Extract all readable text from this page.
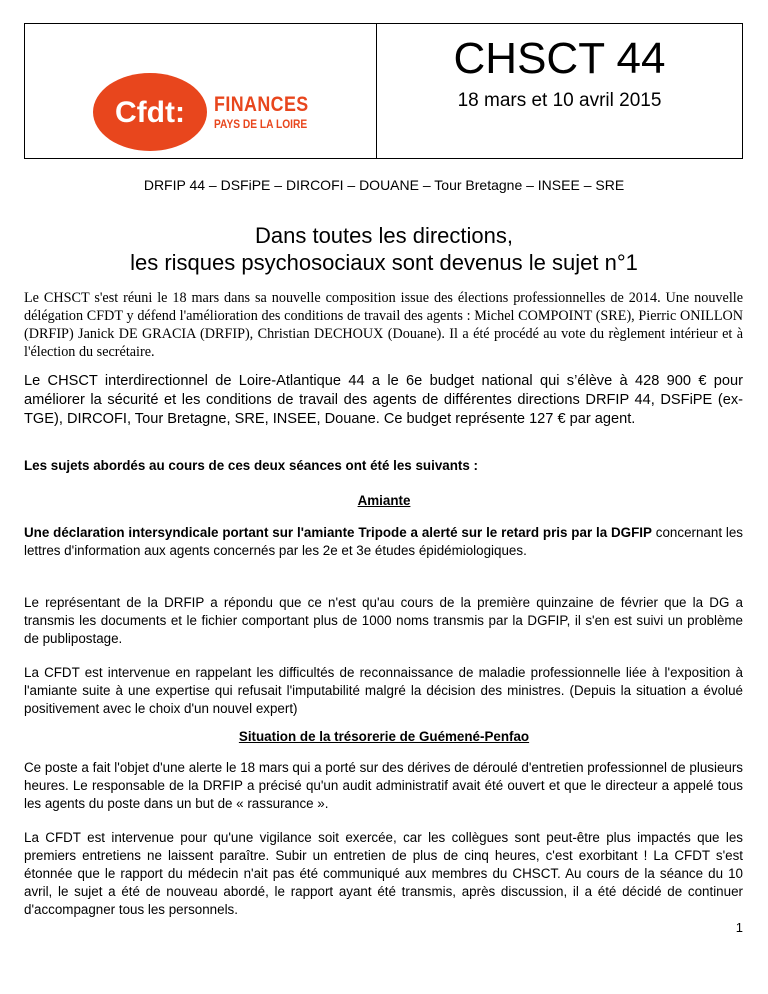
Cfdt: FINANCES
PAYS DE LA LOIRE
CHSCT 44
18 mars et 10 avril 2015
DRFIP 44 – DSFiPE – DIRCOFI – DOUANE – Tour Bretagne – INSEE – SRE
Dans toutes les directions,
les risques psychosociaux sont devenus le sujet n°1
Le CHSCT s'est réuni le 18 mars dans sa nouvelle composition issue des élections professionnelles de 2014. Une nouvelle délégation CFDT y défend l'amélioration des conditions de travail des agents : Michel COMPOINT (SRE), Pierric ONILLON (DRFIP) Janick DE GRACIA (DRFIP), Christian DECHOUX (Douane). Il a été procédé au vote du règlement intérieur et à l'élection du secrétaire.
Le CHSCT interdirectionnel de Loire-Atlantique 44 a le 6e budget national qui s’élève à 428 900 € pour améliorer la sécurité et les conditions de travail des agents de différentes directions DRFIP 44, DSFiPE (ex-TGE), DIRCOFI, Tour Bretagne, SRE, INSEE, Douane. Ce budget représente 127 € par agent.
Les sujets abordés au cours de ces deux séances ont été les suivants :
Amiante
Une déclaration intersyndicale portant sur l'amiante Tripode a alerté sur le retard pris par la DGFIP concernant les lettres d'information aux agents concernés par les 2e et 3e études épidémiologiques.
Le représentant de la DRFIP a répondu que ce n'est qu'au cours de la première quinzaine de février que la DG a transmis les documents et le fichier comportant plus de 1000 noms transmis par la DGFIP, il s'en est suivi un problème de publipostage.
La CFDT est intervenue en rappelant les difficultés de reconnaissance de maladie professionnelle liée à l'exposition à l'amiante suite à une expertise qui refusait l'imputabilité malgré la décision des ministres. (Depuis la situation a évolué positivement avec le choix d'un nouvel expert)
Situation de la trésorerie de Guémené-Penfao
Ce poste a fait l'objet d'une alerte le 18 mars qui a porté sur des dérives de déroulé d'entretien professionnel de plusieurs heures. Le responsable de la DRFIP a précisé qu'un audit administratif avait été ouvert et que le directeur a appelé tous les agents du poste dans un but de « rassurance ».
La CFDT est intervenue pour qu'une vigilance soit exercée, car les collègues sont peut-être plus impactés que les premiers entretiens ne laissent paraître. Subir un entretien de plus de cinq heures, c'est exorbitant ! La CFDT s'est étonnée que le rapport du médecin n'ait pas été communiqué aux membres du CHSCT. Au cours de la séance du 10 avril, le sujet a été de nouveau abordé, le rapport ayant été transmis, après discussion, il a été décidé de continuer d'accompagner tous les personnels.
1
